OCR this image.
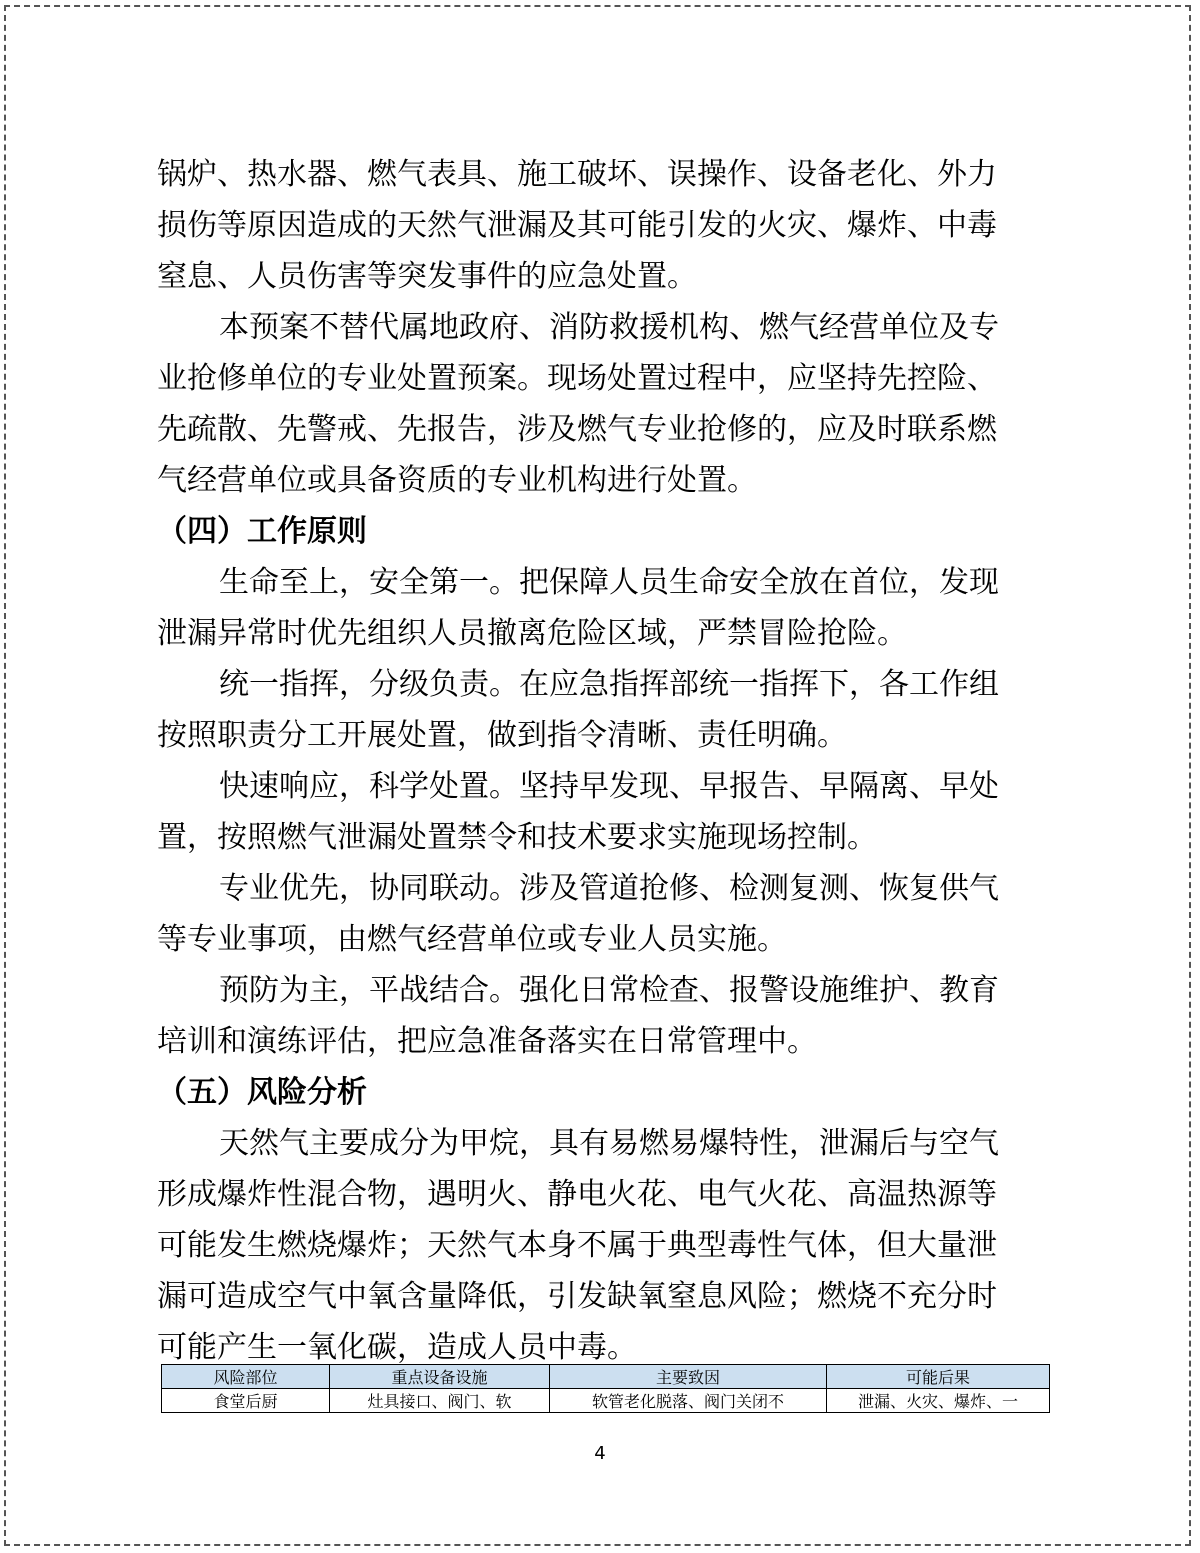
锅炉、热水器、燃气表具、施工破坏、误操作、设备老化、外力
损伤等原因造成的天然气泄漏及其可能引发的火灾、爆炸、中毒
窒息、人员伤害等突发事件的应急处置。
本预案不替代属地政府、消防救援机构、燃气经营单位及专
业抢修单位的专业处置预案。现场处置过程中，应坚持先控险、
先疏散、先警戒、先报告，涉及燃气专业抢修的，应及时联系燃
气经营单位或具备资质的专业机构进行处置。
（四）工作原则
生命至上，安全第一。把保障人员生命安全放在首位，发现
泄漏异常时优先组织人员撤离危险区域，严禁冒险抢险。
统一指挥，分级负责。在应急指挥部统一指挥下，各工作组
按照职责分工开展处置，做到指令清晰、责任明确。
快速响应，科学处置。坚持早发现、早报告、早隔离、早处
置，按照燃气泄漏处置禁令和技术要求实施现场控制。
专业优先，协同联动。涉及管道抢修、检测复测、恢复供气
等专业事项，由燃气经营单位或专业人员实施。
预防为主，平战结合。强化日常检查、报警设施维护、教育
培训和演练评估，把应急准备落实在日常管理中。
（五）风险分析
天然气主要成分为甲烷，具有易燃易爆特性，泄漏后与空气
形成爆炸性混合物，遇明火、静电火花、电气火花、高温热源等
可能发生燃烧爆炸；天然气本身不属于典型毒性气体，但大量泄
漏可造成空气中氧含量降低，引发缺氧窒息风险；燃烧不充分时
可能产生一氧化碳，造成人员中毒。
风险部位	重点设备设施	主要致因	可能后果
食堂后厨	灶具接口、阀门、软	软管老化脱落、阀门关闭不	泄漏、火灾、爆炸、一
4
